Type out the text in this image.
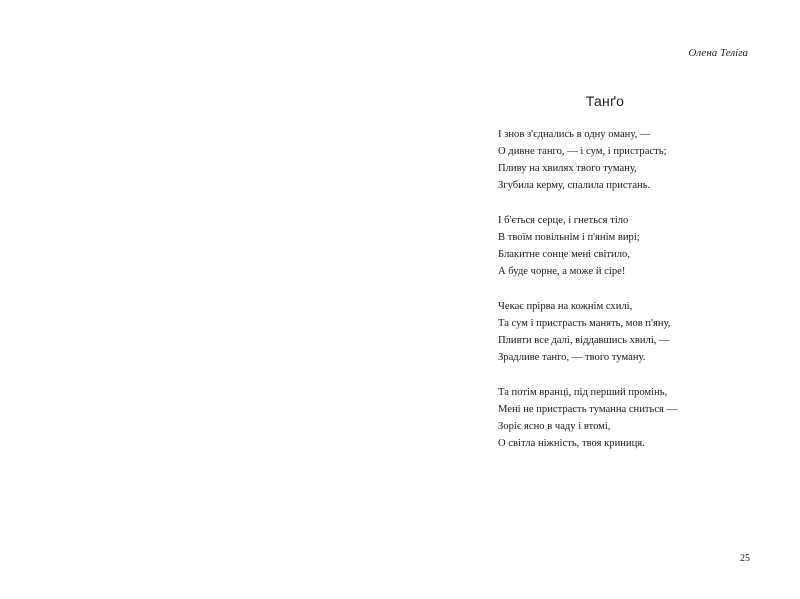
Олена Теліга
Танґо
І знов з'єднались в одну оману, —
О дивне танго, — і сум, і пристрасть;
Пливу на хвилях твого туману,
Згубила керму, спалила пристань.
І б'ється серце, і гнеться тіло
В твоїм повільнім і п'янім вирі;
Блакитне сонце мені світило,
А буде чорне, а може й сіре!
Чекає прірва на кожнім схилі,
Та сум і пристрасть манять, мов п'яну,
Пливти все далі, віддавшись хвилі, —
Зрадливе танго, — твого туману.
Та потім вранці, під перший промінь,
Мені не пристрасть туманна сниться —
Зоріє ясно в чаду і втомі,
О світла ніжність, твоя криниця.
25
